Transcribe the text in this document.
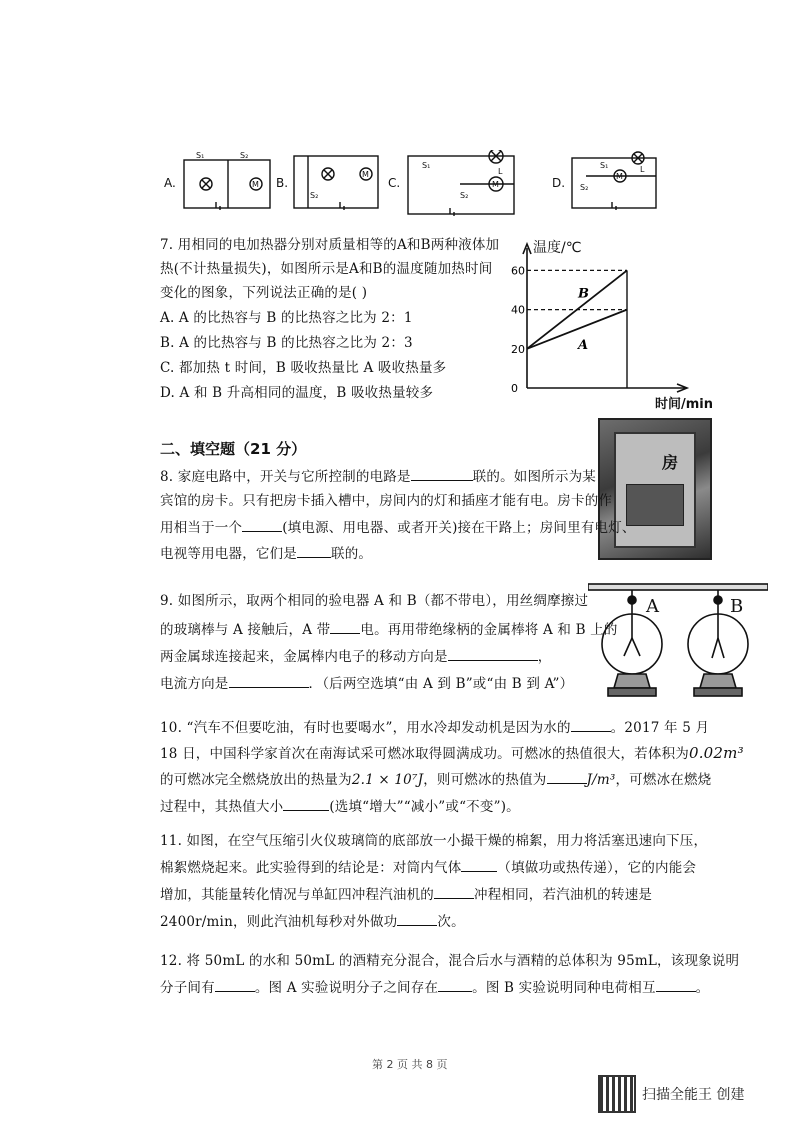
A.	B.	C.	D.
S₁	S₂
M
S₂
M
S₁
L
S₂
M
S₁	L
S₂
M
7. 用相同的电加热器分别对质量相等的A和B两种液体加
热(不计热量损失)，如图所示是A和B的温度随加热时间
变化的图象，下列说法正确的是( )
A. A 的比热容与 B 的比热容之比为 2：1
B. A 的比热容与 B 的比热容之比为 2：3
C. 都加热 t 时间，B 吸收热量比 A 吸收热量多
D. A 和 B 升高相同的温度，B 吸收热量较多
60
40
20
0
B
A
温度/℃
时间/min
二、填空题（21 分）
房
8. 家庭电路中，开关与它所控制的电路是	联的。如图所示为某
宾馆的房卡。只有把房卡插入槽中，房间内的灯和插座才能有电。房卡的作
用相当于一个	(填电源、用电器、或者开关)接在干路上；房间里有电灯、
电视等用电器，它们是	联的。
A	B
9. 如图所示，取两个相同的验电器 A 和 B（都不带电），用丝绸摩擦过
的玻璃棒与 A 接触后，A 带 电。再用带绝缘柄的金属棒将 A 和 B 上的
两金属球连接起来，金属棒内电子的移动方向是	，
电流方向是	．（后两空选填“由 A 到 B”或“由 B 到 A”）
10. “汽车不但要吃油，有时也要喝水”，用水冷却发动机是因为水的	。2017 年 5 月
18 日，中国科学家首次在南海试采可燃冰取得圆满成功。可燃冰的热值很大，若体积为0.02m³
的可燃冰完全燃烧放出的热量为2.1 × 10⁷J，则可燃冰的热值为	J/m³，可燃冰在燃烧
过程中，其热值大小	(选填“增大”“减小”或“不变”)。
11. 如图，在空气压缩引火仪玻璃筒的底部放一小撮干燥的棉絮，用力将活塞迅速向下压，
棉絮燃烧起来。此实验得到的结论是：对筒内气体	（填做功或热传递），它的内能会
增加，其能量转化情况与单缸四冲程汽油机的	冲程相同，若汽油机的转速是
2400r/min，则此汽油机每秒对外做功	次。
12. 将 50mL 的水和 50mL 的酒精充分混合，混合后水与酒精的总体积为 95mL，该现象说明
分子间有	。图 A 实验说明分子之间存在	。图 B 实验说明同种电荷相互	。
第 2 页 共 8 页
扫描全能王 创建
